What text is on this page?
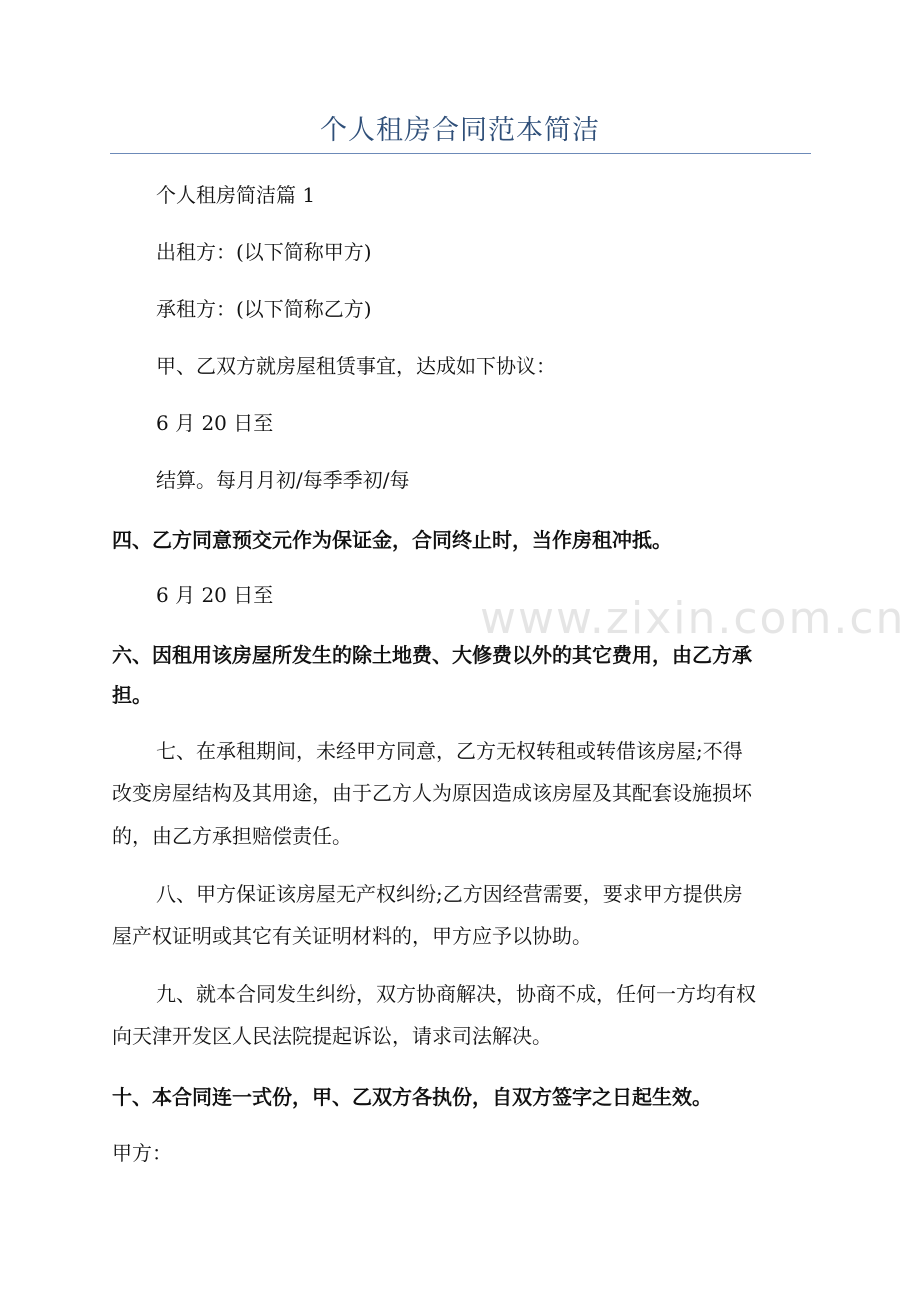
个人租房合同范本简洁
个人租房简洁篇 1
出租方：(以下简称甲方)
承租方：(以下简称乙方)
甲、乙双方就房屋租赁事宜，达成如下协议：
6 月 20 日至
结算。每月月初/每季季初/每
四、乙方同意预交元作为保证金，合同终止时，当作房租冲抵。
6 月 20 日至
六、因租用该房屋所发生的除土地费、大修费以外的其它费用，由乙方承
担。
七、在承租期间，未经甲方同意，乙方无权转租或转借该房屋;不得
改变房屋结构及其用途，由于乙方人为原因造成该房屋及其配套设施损坏
的，由乙方承担赔偿责任。
八、甲方保证该房屋无产权纠纷;乙方因经营需要，要求甲方提供房
屋产权证明或其它有关证明材料的，甲方应予以协助。
九、就本合同发生纠纷，双方协商解决，协商不成，任何一方均有权
向天津开发区人民法院提起诉讼，请求司法解决。
十、本合同连一式份，甲、乙双方各执份，自双方签字之日起生效。
甲方：
www.zixin.com.cn
